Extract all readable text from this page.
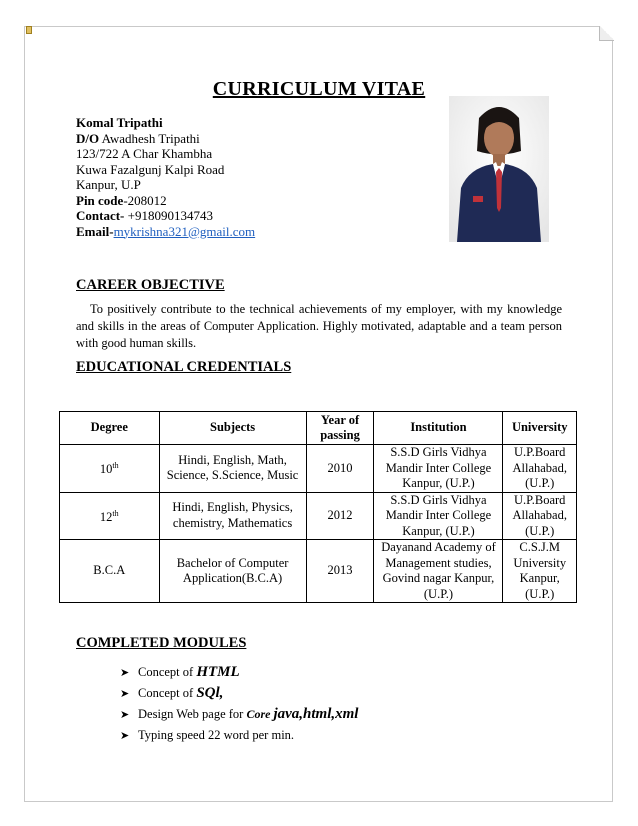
CURRICULUM VITAE
Komal Tripathi
D/O Awadhesh Tripathi
123/722 A Char Khambha
Kuwa Fazalgunj Kalpi Road
Kanpur, U.P
Pin code-208012
Contact- +918090134743
Email-mykrishna321@gmail.com
CAREER OBJECTIVE
To positively contribute to the technical achievements of my employer, with my knowledge and skills in the areas of Computer Application. Highly motivated, adaptable and a team person with good human skills.
EDUCATIONAL CREDENTIALS
Degree	Subjects	Year of passing	Institution	University
10th	Hindi, English, Math, Science, S.Science, Music	2010	S.S.D Girls Vidhya Mandir Inter College Kanpur, (U.P.)	U.P.Board Allahabad, (U.P.)
12th	Hindi, English, Physics, chemistry, Mathematics	2012	S.S.D Girls Vidhya Mandir Inter College Kanpur, (U.P.)	U.P.Board Allahabad, (U.P.)
B.C.A	Bachelor of Computer Application(B.C.A)	2013	Dayanand Academy of Management studies, Govind nagar Kanpur, (U.P.)	C.S.J.M University Kanpur, (U.P.)
COMPLETED MODULES
➤ Concept of HTML
➤ Concept of SQl,
➤ Design Web page for Core java,html,xml
➤ Typing speed 22 word per min.
